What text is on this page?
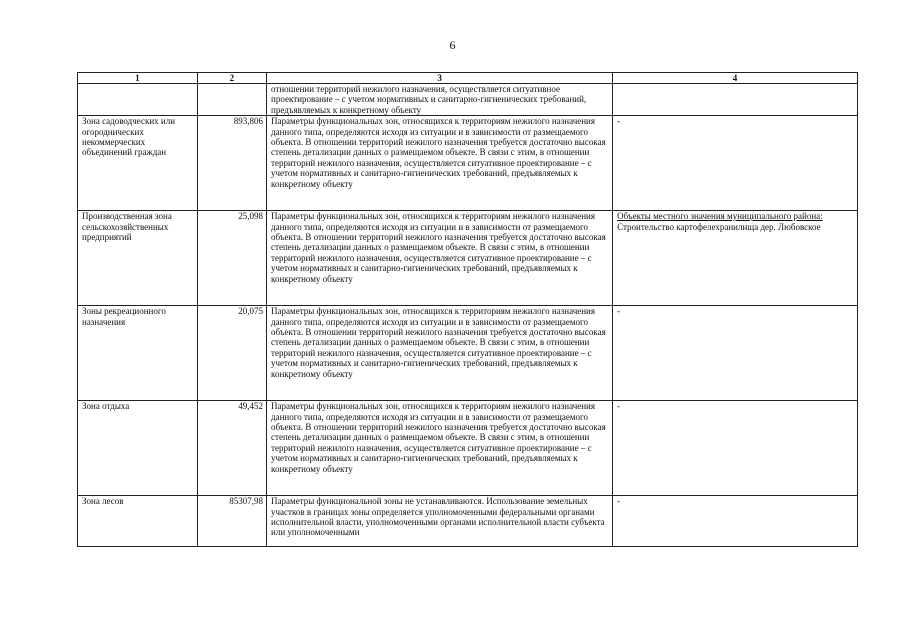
6
1	2	3	4
		отношении территорий нежилого назначения, осуществляется ситуативное проектирование – с учетом нормативных и санитарно-гигиенических требований, предъявляемых к конкретному объекту	
Зона садоводческих или огороднических некоммерческих объединений граждан	893,806	Параметры функциональных зон, относящихся к территориям нежилого назначения данного типа, определяются исходя из ситуации и в зависимости от размещаемого объекта. В отношении территорий нежилого назначения требуется достаточно высокая степень детализации данных о размещаемом объекте. В связи с этим, в отношении территорий нежилого назначения, осуществляется ситуативное проектирование – с учетом нормативных и санитарно-гигиенических требований, предъявляемых к конкретному объекту	-
Производственная зона сельскохозяйственных предприятий	25,098	Параметры функциональных зон, относящихся к территориям нежилого назначения данного типа, определяются исходя из ситуации и в зависимости от размещаемого объекта. В отношении территорий нежилого назначения требуется достаточно высокая степень детализации данных о размещаемом объекте. В связи с этим, в отношении территорий нежилого назначения, осуществляется ситуативное проектирование – с учетом нормативных и санитарно-гигиенических требований, предъявляемых к конкретному объекту	Объекты местного значения муниципального района:
Строительство картофелехранилища дер. Любовское

Зоны рекреационного назначения	20,075	Параметры функциональных зон, относящихся к территориям нежилого назначения данного типа, определяются исходя из ситуации и в зависимости от размещаемого объекта. В отношении территорий нежилого назначения требуется достаточно высокая степень детализации данных о размещаемом объекте. В связи с этим, в отношении территорий нежилого назначения, осуществляется ситуативное проектирование – с учетом нормативных и санитарно-гигиенических требований, предъявляемых к конкретному объекту	-
Зона отдыха	49,452	Параметры функциональных зон, относящихся к территориям нежилого назначения данного типа, определяются исходя из ситуации и в зависимости от размещаемого объекта. В отношении территорий нежилого назначения требуется достаточно высокая степень детализации данных о размещаемом объекте. В связи с этим, в отношении территорий нежилого назначения, осуществляется ситуативное проектирование – с учетом нормативных и санитарно-гигиенических требований, предъявляемых к конкретному объекту	-
Зона лесов	85307,98	Параметры функциональной зоны не устанавливаются. Использование земельных участков в границах зоны определяется уполномоченными федеральными органами исполнительной власти, уполномоченными органами исполнительной власти субъекта или уполномоченными	-
